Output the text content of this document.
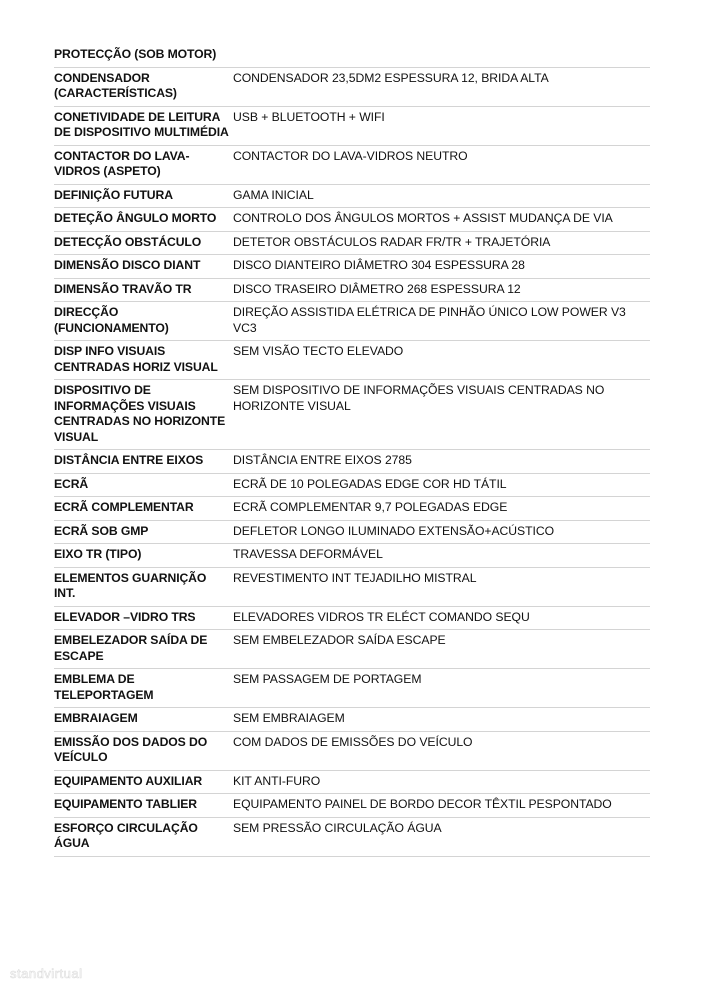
PROTECÇÃO (SOB MOTOR)	
CONDENSADOR (CARACTERÍSTICAS)	CONDENSADOR 23,5DM2 ESPESSURA 12, BRIDA ALTA
CONETIVIDADE DE LEITURA DE DISPOSITIVO MULTIMÉDIA	USB + BLUETOOTH + WIFI
CONTACTOR DO LAVA-VIDROS (ASPETO)	CONTACTOR DO LAVA-VIDROS NEUTRO
DEFINIÇÃO FUTURA	GAMA INICIAL
DETEÇÃO ÂNGULO MORTO	CONTROLO DOS ÂNGULOS MORTOS + ASSIST MUDANÇA DE VIA
DETECÇÃO OBSTÁCULO	DETETOR OBSTÁCULOS RADAR FR/TR + TRAJETÓRIA
DIMENSÃO DISCO DIANT	DISCO DIANTEIRO DIÂMETRO 304 ESPESSURA 28
DIMENSÃO TRAVÃO TR	DISCO TRASEIRO DIÂMETRO 268 ESPESSURA 12
DIRECÇÃO (FUNCIONAMENTO)	DIREÇÃO ASSISTIDA ELÉTRICA DE PINHÃO ÚNICO LOW POWER V3 VC3
DISP INFO VISUAIS CENTRADAS HORIZ VISUAL	SEM VISÃO TECTO ELEVADO
DISPOSITIVO DE INFORMAÇÕES VISUAIS CENTRADAS NO HORIZONTE VISUAL	SEM DISPOSITIVO DE INFORMAÇÕES VISUAIS CENTRADAS NO HORIZONTE VISUAL
DISTÂNCIA ENTRE EIXOS	DISTÂNCIA ENTRE EIXOS 2785
ECRÃ	ECRÃ DE 10 POLEGADAS EDGE COR HD TÁTIL
ECRÃ COMPLEMENTAR	ECRÃ COMPLEMENTAR 9,7 POLEGADAS EDGE
ECRÃ SOB GMP	DEFLETOR LONGO ILUMINADO EXTENSÃO+ACÚSTICO
EIXO TR (TIPO)	TRAVESSA DEFORMÁVEL
ELEMENTOS GUARNIÇÃO INT.	REVESTIMENTO INT TEJADILHO MISTRAL
ELEVADOR –VIDRO TRS	ELEVADORES VIDROS TR ELÉCT COMANDO SEQU
EMBELEZADOR SAÍDA DE ESCAPE	SEM EMBELEZADOR SAÍDA ESCAPE
EMBLEMA DE TELEPORTAGEM	SEM PASSAGEM DE PORTAGEM
EMBRAIAGEM	SEM EMBRAIAGEM
EMISSÃO DOS DADOS DO VEÍCULO	COM DADOS DE EMISSÕES DO VEÍCULO
EQUIPAMENTO AUXILIAR	KIT ANTI-FURO
EQUIPAMENTO TABLIER	EQUIPAMENTO PAINEL DE BORDO DECOR TÊXTIL PESPONTADO
ESFORÇO CIRCULAÇÃO ÁGUA	SEM PRESSÃO CIRCULAÇÃO ÁGUA
standvirtual
